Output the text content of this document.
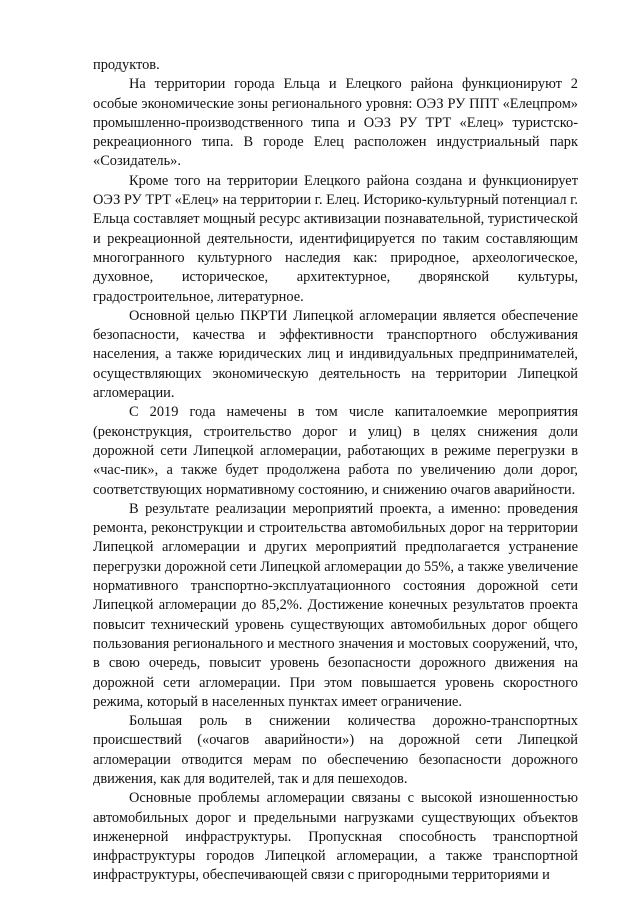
продуктов.

На территории города Ельца и Елецкого района функционируют 2 особые экономические зоны регионального уровня: ОЭЗ РУ ППТ «Елецпром» промышленно-производственного типа и ОЭЗ РУ ТРТ «Елец» туристско-рекреационного типа. В городе Елец расположен индустриальный парк «Созидатель».

Кроме того на территории Елецкого района создана и функционирует ОЭЗ РУ ТРТ «Елец» на территории г. Елец. Историко-культурный потенциал г. Ельца составляет мощный ресурс активизации познавательной, туристической и рекреационной деятельности, идентифицируется по таким составляющим многогранного культурного наследия как: природное, археологическое, духовное, историческое, архитектурное, дворянской культуры, градостроительное, литературное.

Основной целью ПКРТИ Липецкой агломерации является обеспечение безопасности, качества и эффективности транспортного обслуживания населения, а также юридических лиц и индивидуальных предпринимателей, осуществляющих экономическую деятельность на территории Липецкой агломерации.

С 2019 года намечены в том числе капиталоемкие мероприятия (реконструкция, строительство дорог и улиц) в целях снижения доли дорожной сети Липецкой агломерации, работающих в режиме перегрузки в «час-пик», а также будет продолжена работа по увеличению доли дорог, соответствующих нормативному состоянию, и снижению очагов аварийности.

В результате реализации мероприятий проекта, а именно: проведения ремонта, реконструкции и строительства автомобильных дорог на территории Липецкой агломерации и других мероприятий предполагается устранение перегрузки дорожной сети Липецкой агломерации до 55%, а также увеличение нормативного транспортно-эксплуатационного состояния дорожной сети Липецкой агломерации до 85,2%. Достижение конечных результатов проекта повысит технический уровень существующих автомобильных дорог общего пользования регионального и местного значения и мостовых сооружений, что, в свою очередь, повысит уровень безопасности дорожного движения на дорожной сети агломерации. При этом повышается уровень скоростного режима, который в населенных пунктах имеет ограничение.

Большая роль в снижении количества дорожно-транспортных происшествий («очагов аварийности») на дорожной сети Липецкой агломерации отводится мерам по обеспечению безопасности дорожного движения, как для водителей, так и для пешеходов.

Основные проблемы агломерации связаны с высокой изношенностью автомобильных дорог и предельными нагрузками существующих объектов инженерной инфраструктуры. Пропускная способность транспортной инфраструктуры городов Липецкой агломерации, а также транспортной инфраструктуры, обеспечивающей связи с пригородными территориями и
